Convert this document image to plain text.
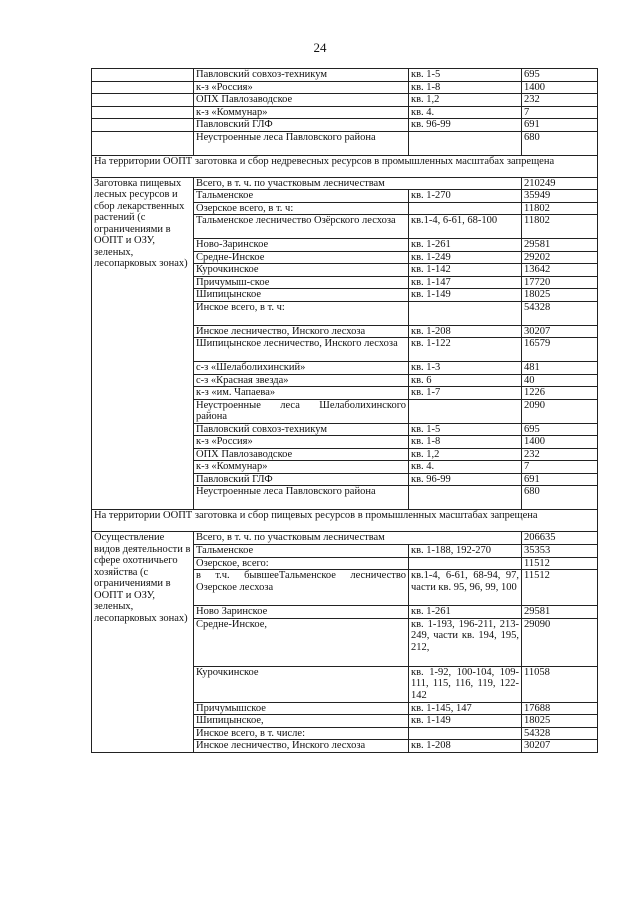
24
	Павловский совхоз-техникум	кв. 1-5	695
	к-з «Россия»	кв. 1-8	1400
	ОПХ Павлозаводское	кв. 1,2	232
	к-з «Коммунар»	кв. 4.	7
	Павловский ГЛФ	кв. 96-99	691
	Неустроенные леса Павловского района		680
На территории ООПТ заготовка и сбор недревесных ресурсов в промышленных масштабах запрещена			
Заготовка пищевых лесных ресурсов и сбор лекарственных растений (с ограничениями в ООПТ и ОЗУ, зеленых, лесопарковых зонах)	Всего, в т. ч. по участковым лесничествам		210249
	Тальменское	кв. 1-270	35949
	Озерское всего, в т. ч:		11802
	Тальменское лесничество Озёрского лесхоза	кв.1-4, 6-61, 68-100	11802
	Ново-Заринское	кв. 1-261	29581
	Средне-Инское	кв. 1-249	29202
	Курочкинское	кв. 1-142	13642
	Причумыш-ское	кв. 1-147	17720
	Шипицынское	кв. 1-149	18025
	Инское всего, в т. ч:		54328
	Инское лесничество, Инского лесхоза	кв. 1-208	30207
	Шипицынское лесничество, Инского лесхоза	кв. 1-122	16579
	с-з «Шелаболихинский»	кв. 1-3	481
	с-з «Красная звезда»	кв. 6	40
	к-з «им. Чапаева»	кв. 1-7	1226
	Неустроенные леса Шелаболихинского района		2090
	Павловский совхоз-техникум	кв. 1-5	695
	к-з «Россия»	кв. 1-8	1400
	ОПХ Павлозаводское	кв. 1,2	232
	к-з «Коммунар»	кв. 4.	7
	Павловский ГЛФ	кв. 96-99	691
	Неустроенные леса Павловского района		680
На территории ООПТ заготовка и сбор пищевых ресурсов в промышленных масштабах запрещена			
Осуществление видов деятельности в сфере охотничьего хозяйства (с ограничениями в ООПТ и ОЗУ, зеленых, лесопарковых зонах)	Всего, в т. ч. по участковым лесничествам		206635
	Тальменское	кв. 1-188, 192-270	35353
	Озерское, всего:		11512
	в т.ч. бывшееТальменское лесничество Озерское лесхоза	кв.1-4, 6-61, 68-94, 97, части кв. 95, 96, 99, 100	11512
	Ново Заринское	кв. 1-261	29581
	Средне-Инское,	кв. 1-193, 196-211, 213-249, части кв. 194, 195, 212,	29090
	Курочкинское	кв. 1-92, 100-104, 109-111, 115, 116, 119, 122-142	11058
	Причумышское	кв. 1-145, 147	17688
	Шипицынское,	кв. 1-149	18025
	Инское всего, в т. числе:		54328
	Инское лесничество, Инского лесхоза	кв. 1-208	30207
